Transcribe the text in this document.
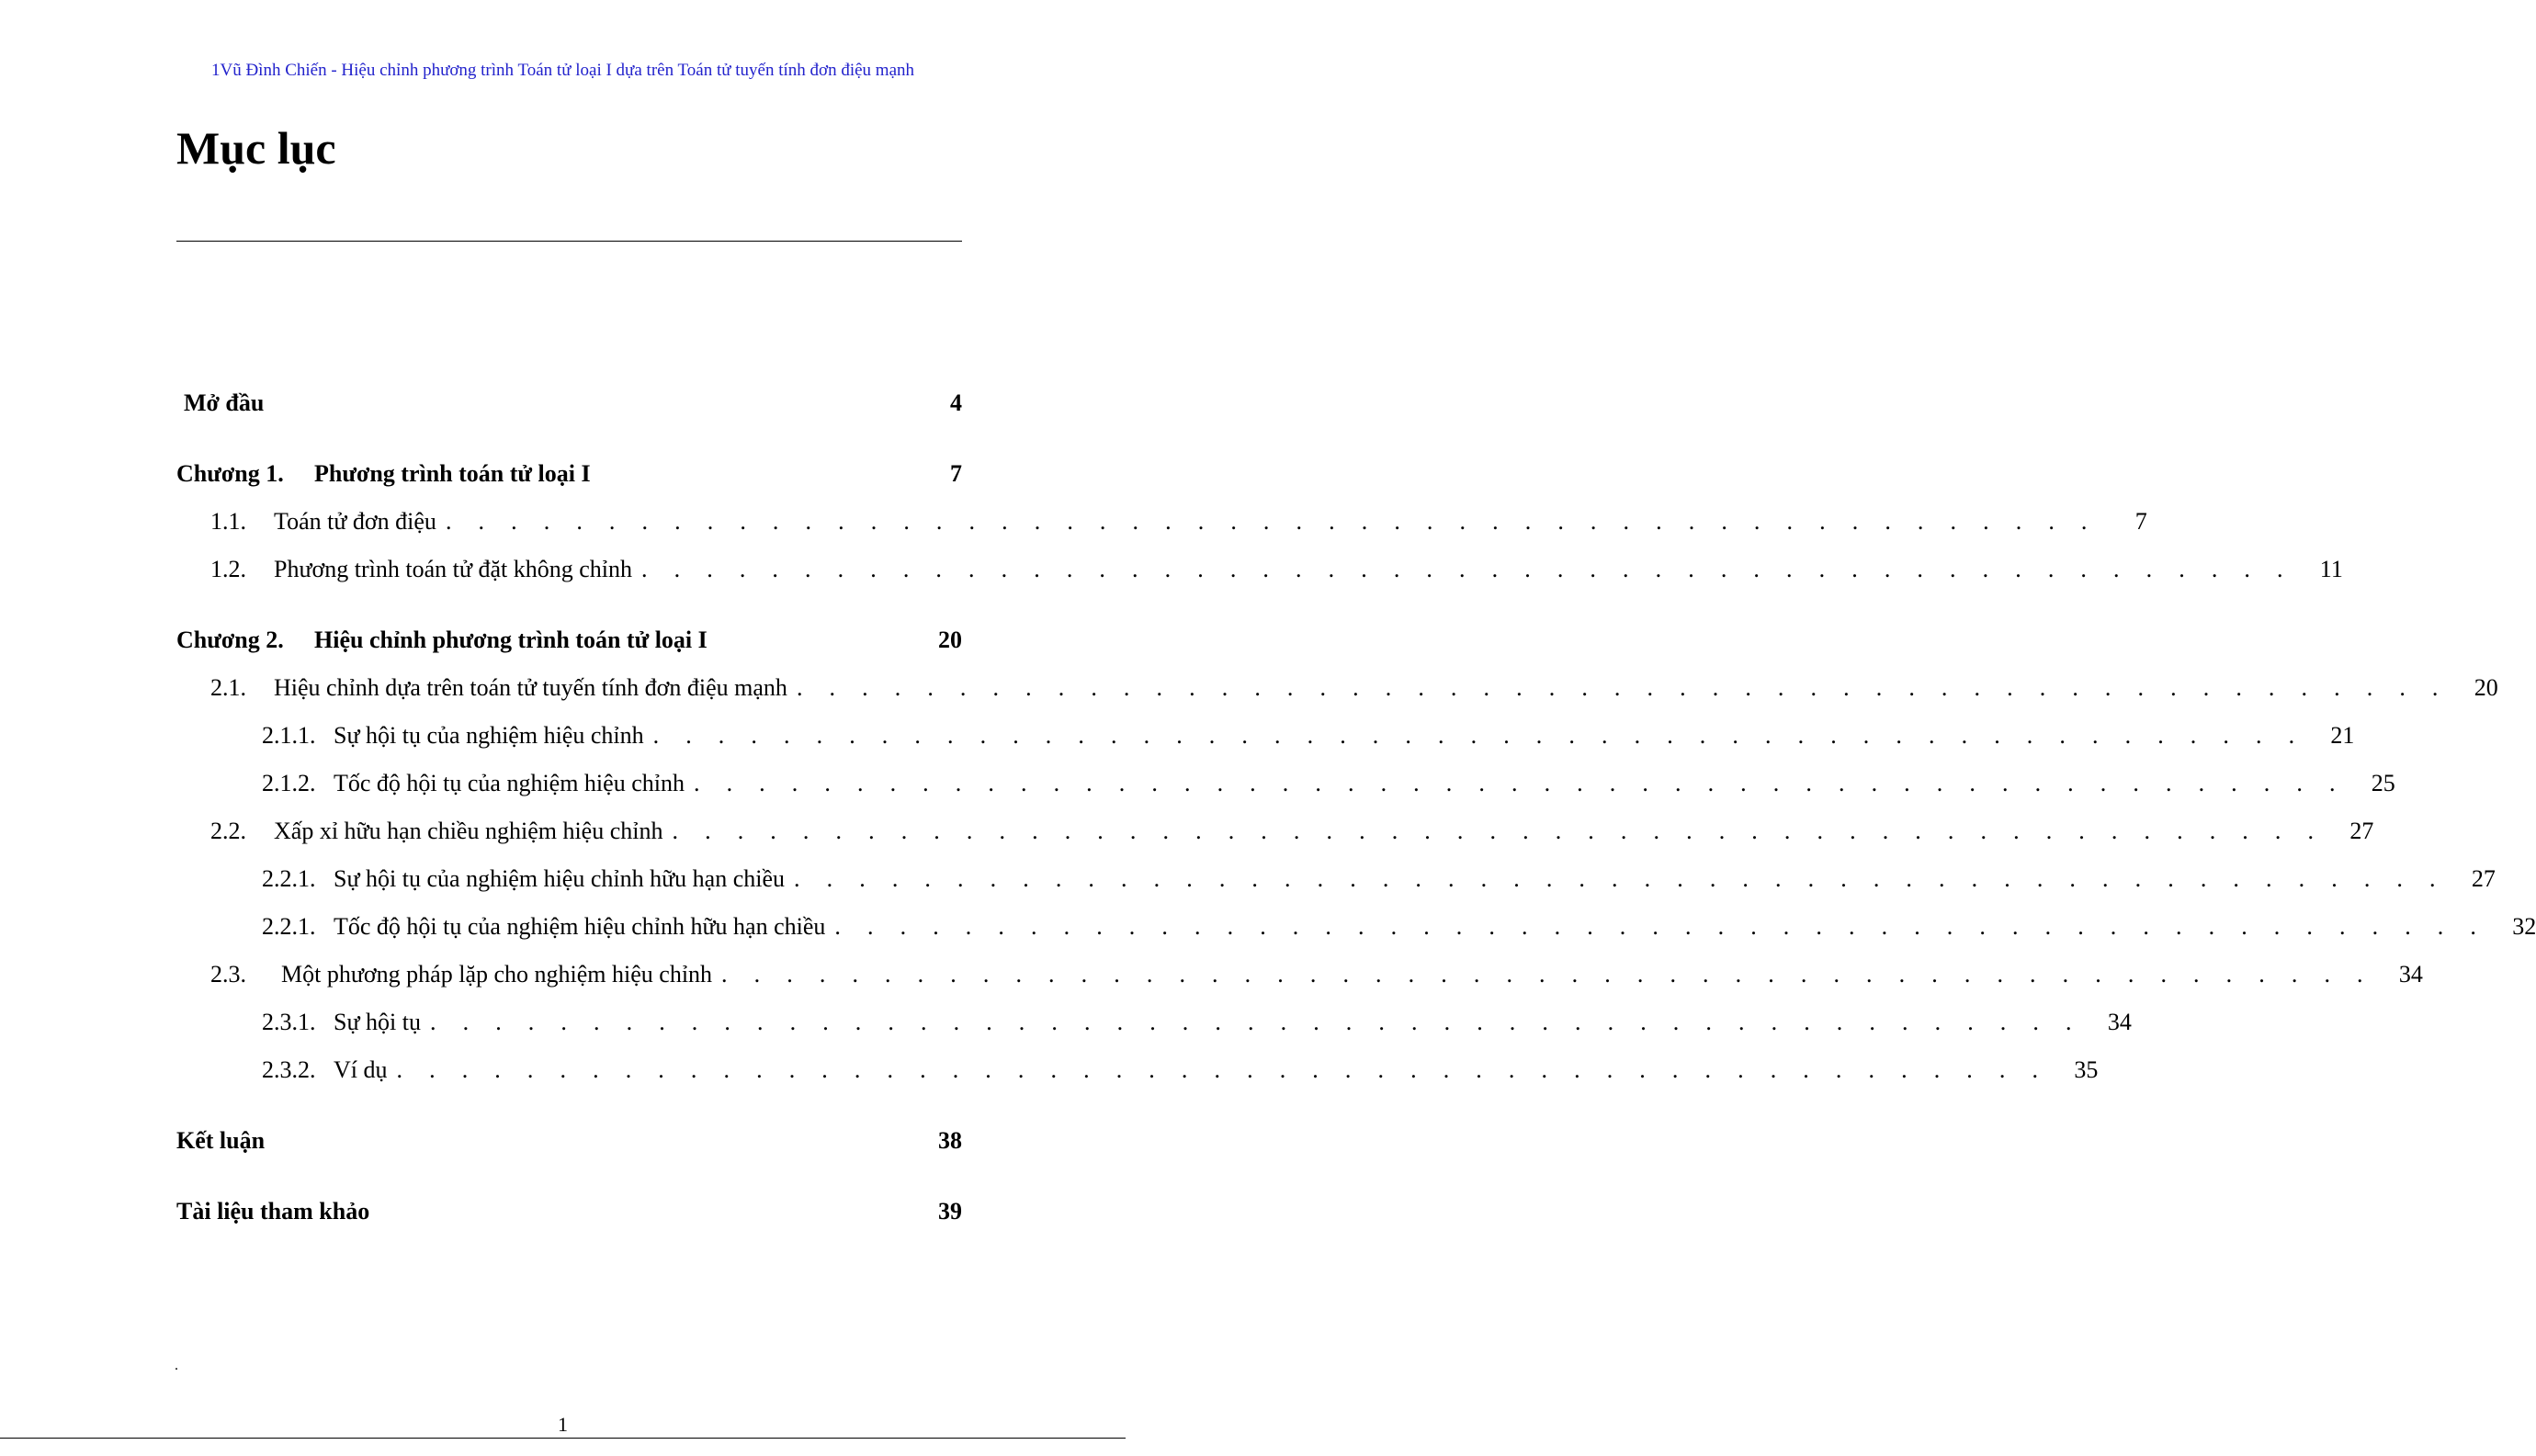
1Vũ Đình Chiến - Hiệu chỉnh phương trình Toán tử loại I dựa trên Toán tử tuyến tính đơn điệu mạnh
Mục lục
Mở đầu	4
Chương 1.	Phương trình toán tử loại I	7
1.1.	Toán tử đơn điệu . . . . . . . . . . . . . . . . . . . . . . . . . . . . . . . . . . . . . . . . . . . . . . . . . . .	7
1.2.	Phương trình toán tử đặt không chỉnh . . . . . . . . . . . . . . . . . . . . . . . . . . . . . . . . . . . . . . . . . . . . . . . . . . .	11
Chương 2.	Hiệu chỉnh phương trình toán tử loại I	20
2.1.	Hiệu chỉnh dựa trên toán tử tuyến tính đơn điệu mạnh . . . . . . . . . . . . . . . . . . . . . . . . . . . . . . . . . . . . . . . . . . . . . . . . . . .	20
2.1.1. Sự hội tụ của nghiệm hiệu chỉnh . . . . . . . . . . . . . . . . . . . . . . . . . . . . . . . . . . . . . . . . . . . . . . . . . . .	21
2.1.2. Tốc độ hội tụ của nghiệm hiệu chỉnh . . . . . . . . . . . . . . . . . . . . . . . . . . . . . . . . . . . . . . . . . . . . . . . . . . .	25
2.2.	Xấp xỉ hữu hạn chiều nghiệm hiệu chỉnh . . . . . . . . . . . . . . . . . . . . . . . . . . . . . . . . . . . . . . . . . . . . . . . . . . .	27
2.2.1. Sự hội tụ của nghiệm hiệu chỉnh hữu hạn chiều . . . . . . . . . . . . . . . . . . . . . . . . . . . . . . . . . . . . . . . . . . . . . . . . . . .	27
2.2.1. Tốc độ hội tụ của nghiệm hiệu chỉnh hữu hạn chiều . . . . . . . . . . . . . . . . . . . . . . . . . . . . . . . . . . . . . . . . . . . . . . . . . . .	32
2.3.	Một phương pháp lặp cho nghiệm hiệu chỉnh . . . . . . . . . . . . . . . . . . . . . . . . . . . . . . . . . . . . . . . . . . . . . . . . . . .	34
2.3.1. Sự hội tụ . . . . . . . . . . . . . . . . . . . . . . . . . . . . . . . . . . . . . . . . . . . . . . . . . . .	34
2.3.2. Ví dụ . . . . . . . . . . . . . . . . . . . . . . . . . . . . . . . . . . . . . . . . . . . . . . . . . . .	35
Kết luận	38
Tài liệu tham khảo	39
.
1
